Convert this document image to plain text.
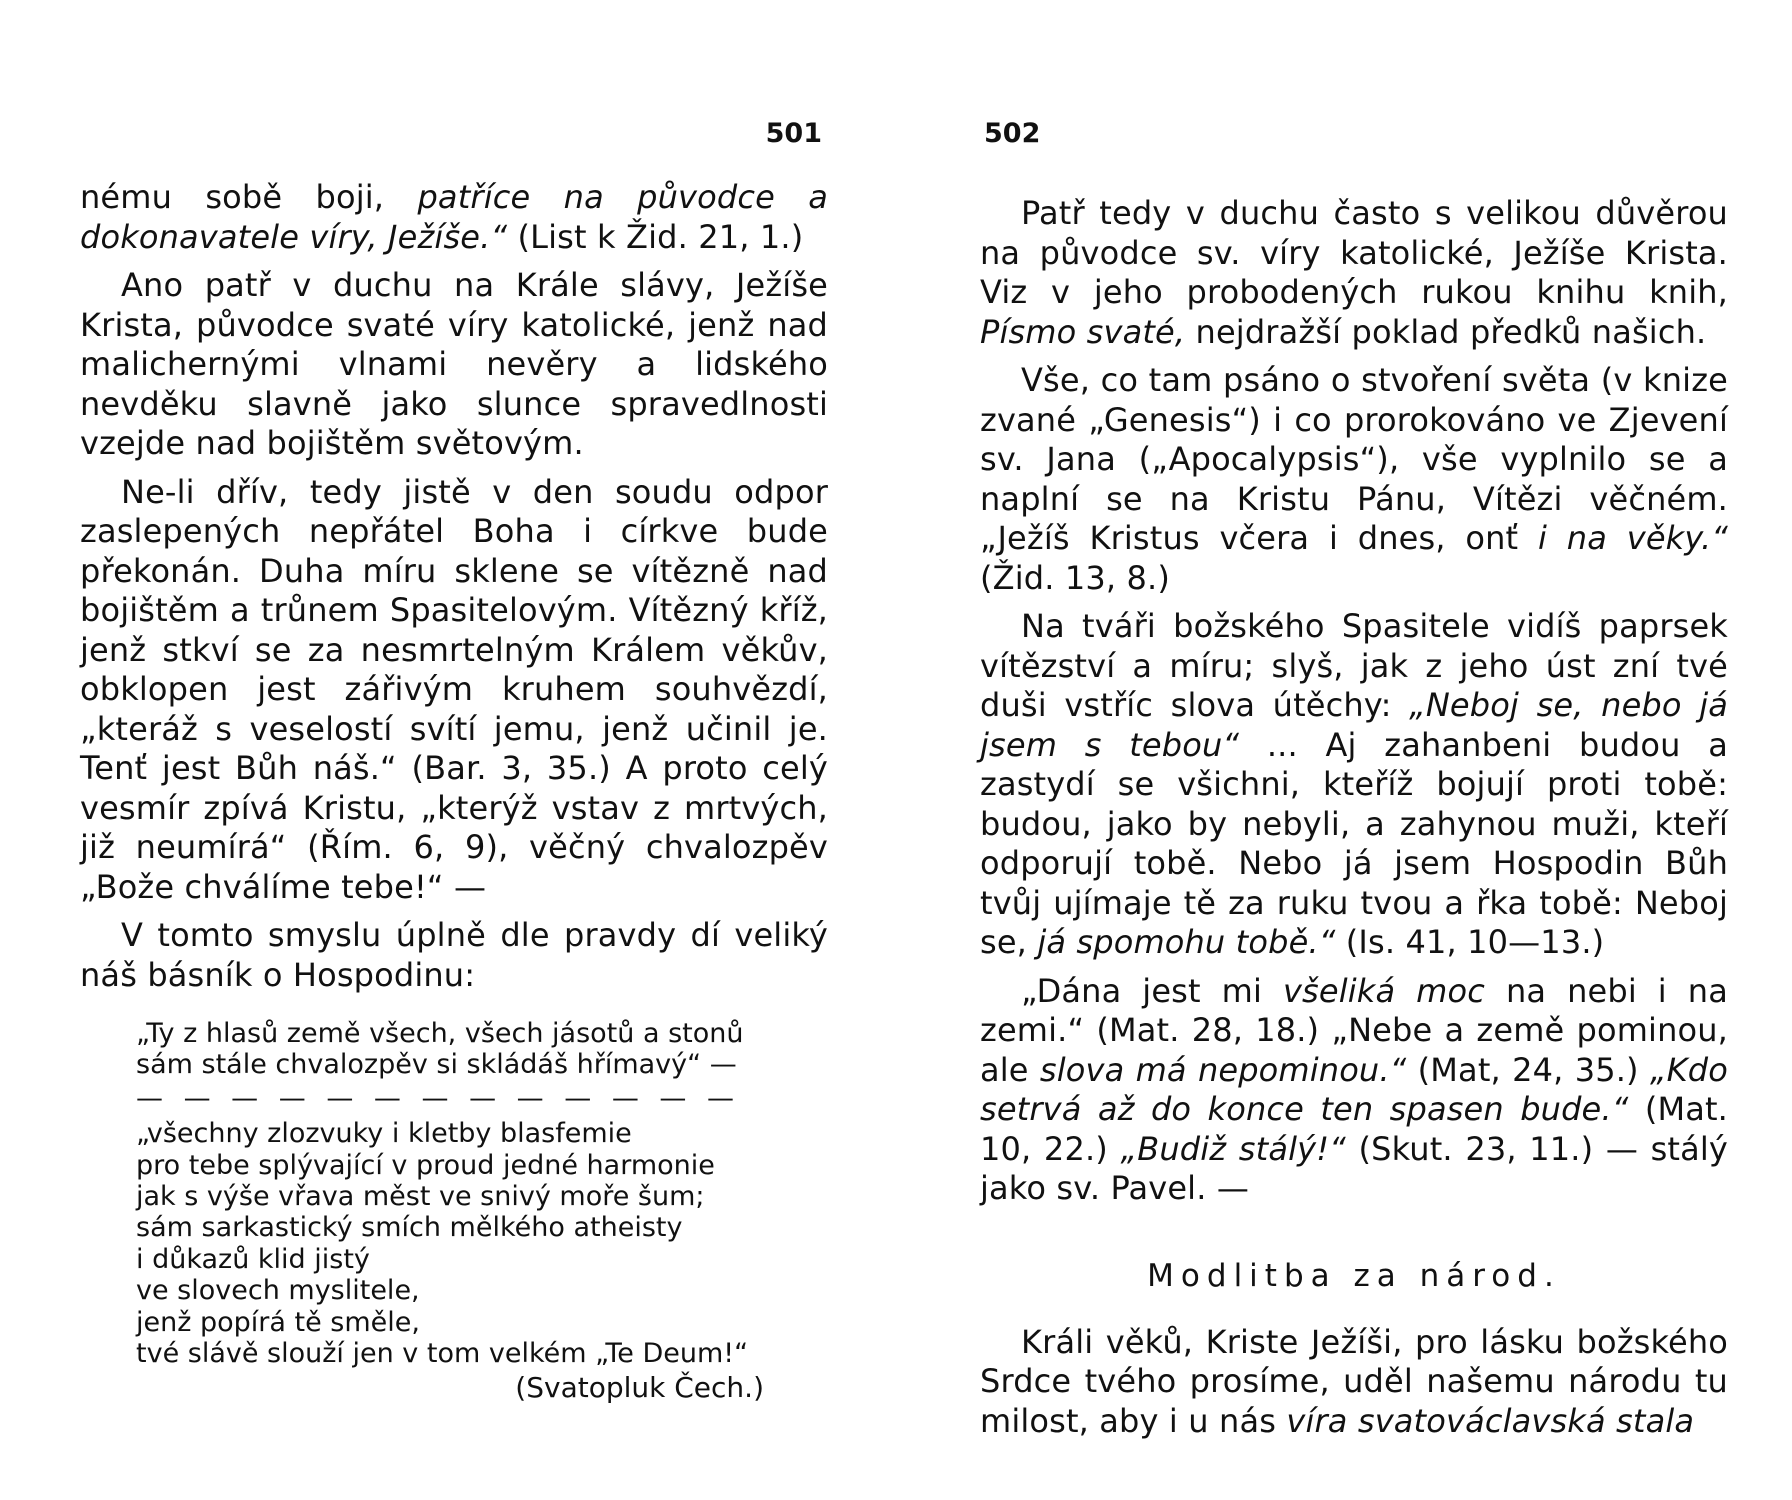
501

nému sobě boji, patříce na původce a dokonavatele víry, Ježíše.“ (List k Žid. 21, 1.)

Ano patř v duchu na Krále slávy, Ježíše Krista, původce svaté víry katolické, jenž nad malichernými vlnami nevěry a lidského nevděku slavně jako slunce spravedlnosti vzejde nad bojištěm světovým.

Ne-li dřív, tedy jistě v den soudu odpor zaslepených nepřátel Boha i církve bude překonán. Duha míru sklene se vítězně nad bojištěm a trůnem Spasitelovým. Vítězný kříž, jenž stkví se za nesmrtelným Králem věkův, obklopen jest zářivým kruhem souhvězdí, „kteráž s veselostí svítí jemu, jenž učinil je. Tenť jest Bůh náš.“ (Bar. 3, 35.) A proto celý vesmír zpívá Kristu, „kterýž vstav z mrtvých, již neumírá“ (Řím. 6, 9), věčný chvalozpěv „Bože chválíme tebe!“ —

V tomto smyslu úplně dle pravdy dí veliký náš básník o Hospodinu:

„Ty z hlasů země všech, všech jásotů a stonů
sám stále chvalozpěv si skládáš hřímavý“ —
— — — — — — — — — — — — —
„všechny zlozvuky i kletby blasfemie
pro tebe splývající v proud jedné harmonie
jak s výše vřava měst ve snivý moře šum;
sám sarkastický smích mělkého atheisty
i důkazů klid jistý
ve slovech myslitele,
jenž popírá tě směle,
tvé slávě slouží jen v tom velkém „Te Deum!“
(Svatopluk Čech.)
502

Patř tedy v duchu často s velikou důvěrou na původce sv. víry katolické, Ježíše Krista. Viz v jeho probodených rukou knihu knih, Písmo svaté, nejdražší poklad předků našich.

Vše, co tam psáno o stvoření světa (v knize zvané „Genesis“) i co prorokováno ve Zjevení sv. Jana („Apocalypsis“), vše vyplnilo se a naplní se na Kristu Pánu, Vítězi věčném. „Ježíš Kristus včera i dnes, onť i na věky.“ (Žid. 13, 8.)

Na tváři božského Spasitele vidíš paprsek vítězství a míru; slyš, jak z jeho úst zní tvé duši vstříc slova útěchy: „Neboj se, nebo já jsem s tebou“ ... Aj zahanbeni budou a zastydí se všichni, kteříž bojují proti tobě: budou, jako by nebyli, a zahynou muži, kteří odporují tobě. Nebo já jsem Hospodin Bůh tvůj ujímaje tě za ruku tvou a řka tobě: Neboj se, já spomohu tobě.“ (Is. 41, 10—13.)

„Dána jest mi všeliká moc na nebi i na zemi.“ (Mat. 28, 18.) „Nebe a země pominou, ale slova má nepominou.“ (Mat, 24, 35.) „Kdo setrvá až do konce ten spasen bude.“ (Mat. 10, 22.) „Budiž stálý!“ (Skut. 23, 11.) — stálý jako sv. Pavel. —

Modlitba za národ.

Králi věků, Kriste Ježíši, pro lásku božského Srdce tvého prosíme, uděl našemu národu tu milost, aby i u nás víra svatováclavská stala
